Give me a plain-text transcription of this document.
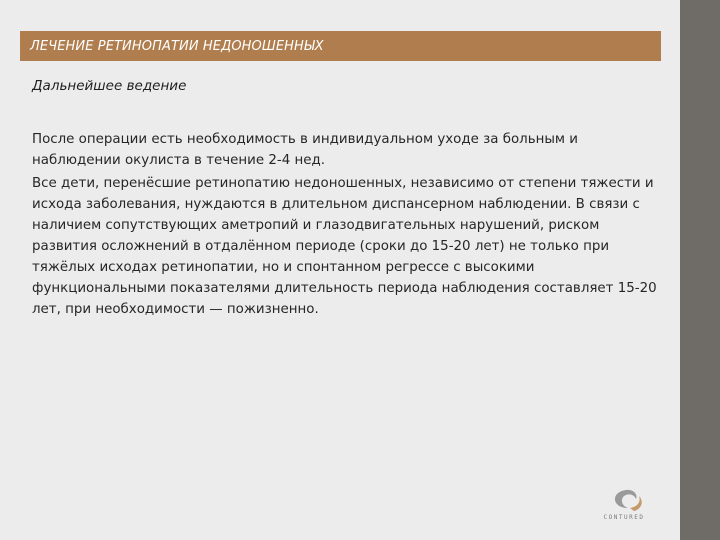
ЛЕЧЕНИЕ РЕТИНОПАТИИ НЕДОНОШЕННЫХ
Дальнейшее ведение

После операции есть необходимость в индивидуальном уходе за больным и наблюдении окулиста в течение 2-4 нед.

Все дети, перенёсшие ретинопатию недоношенных, независимо от степени тяжести и исхода заболевания, нуждаются в длительном диспансерном наблюдении. В связи с наличием сопутствующих аметропий и глазодвигательных нарушений, риском развития осложнений в отдалённом периоде (сроки до 15-20 лет) не только при тяжёлых исходах ретинопатии, но и спонтанном регрессе с высокими функциональными показателями длительность периода наблюдения составляет 15-20 лет, при необходимости — пожизненно.

CONTURED
